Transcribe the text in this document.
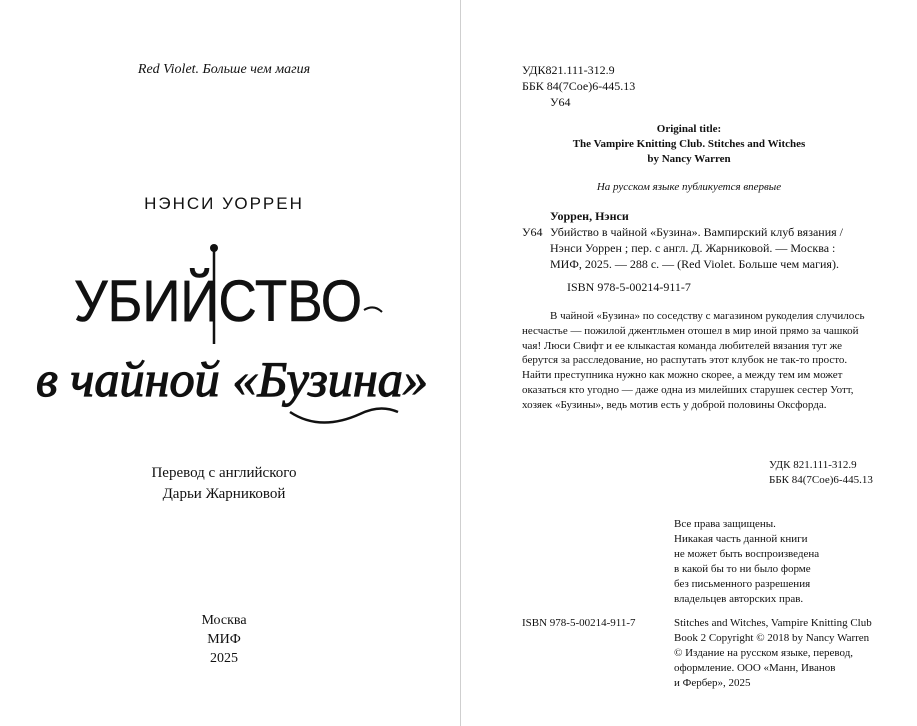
Red Violet. Больше чем магия
НЭНСИ УОРРЕН
УБИЙСТВО
в чайной «Бузина»
Перевод с английского
Дарьи Жарниковой
Москва
МИФ
2025
УДК821.111-312.9
ББК 84(7Сое)6-445.13
У64
Original title:
The Vampire Knitting Club. Stitches and Witches
by Nancy Warren
На русском языке публикуется впервые
Уоррен, Нэнси
У64 Убийство в чайной «Бузина». Вампирский клуб вязания /
Нэнси Уоррен ; пер. с англ. Д. Жарниковой. — Москва :
МИФ, 2025. — 288 с. — (Red Violet. Больше чем магия).
ISBN 978-5-00214-911-7
В чайной «Бузина» по соседству с магазином рукоделия случилось
несчастье — пожилой джентльмен отошел в мир иной прямо за чашкой
чая! Люси Свифт и ее клыкастая команда любителей вязания тут же
берутся за расследование, но распутать этот клубок не так-то просто.
Найти преступника нужно как можно скорее, а между тем им может
оказаться кто угодно — даже одна из милейших старушек сестер Уотт,
хозяек «Бузины», ведь мотив есть у доброй половины Оксфорда.
УДК 821.111-312.9
ББК 84(7Сое)6-445.13
Все права защищены.
Никакая часть данной книги
не может быть воспроизведена
в какой бы то ни было форме
без письменного разрешения
владельцев авторских прав.
ISBN 978-5-00214-911-7	Stitches and Witches, Vampire Knitting Club
Book 2 Copyright © 2018 by Nancy Warren
© Издание на русском языке, перевод,
оформление. ООО «Манн, Иванов
и Фербер», 2025
